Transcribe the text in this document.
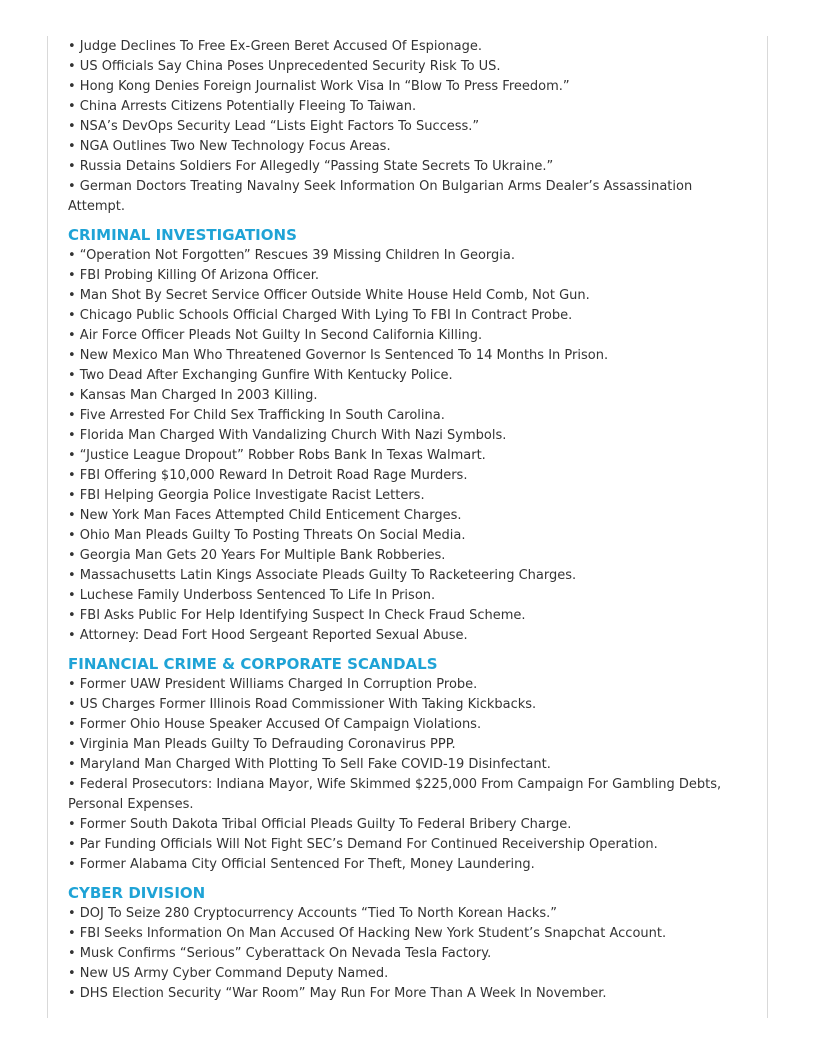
• Judge Declines To Free Ex-Green Beret Accused Of Espionage.
• US Officials Say China Poses Unprecedented Security Risk To US.
• Hong Kong Denies Foreign Journalist Work Visa In “Blow To Press Freedom.”
• China Arrests Citizens Potentially Fleeing To Taiwan.
• NSA’s DevOps Security Lead “Lists Eight Factors To Success.”
• NGA Outlines Two New Technology Focus Areas.
• Russia Detains Soldiers For Allegedly “Passing State Secrets To Ukraine.”
• German Doctors Treating Navalny Seek Information On Bulgarian Arms Dealer’s Assassination Attempt.
CRIMINAL INVESTIGATIONS
• “Operation Not Forgotten” Rescues 39 Missing Children In Georgia.
• FBI Probing Killing Of Arizona Officer.
• Man Shot By Secret Service Officer Outside White House Held Comb, Not Gun.
• Chicago Public Schools Official Charged With Lying To FBI In Contract Probe.
• Air Force Officer Pleads Not Guilty In Second California Killing.
• New Mexico Man Who Threatened Governor Is Sentenced To 14 Months In Prison.
• Two Dead After Exchanging Gunfire With Kentucky Police.
• Kansas Man Charged In 2003 Killing.
• Five Arrested For Child Sex Trafficking In South Carolina.
• Florida Man Charged With Vandalizing Church With Nazi Symbols.
• “Justice League Dropout” Robber Robs Bank In Texas Walmart.
• FBI Offering $10,000 Reward In Detroit Road Rage Murders.
• FBI Helping Georgia Police Investigate Racist Letters.
• New York Man Faces Attempted Child Enticement Charges.
• Ohio Man Pleads Guilty To Posting Threats On Social Media.
• Georgia Man Gets 20 Years For Multiple Bank Robberies.
• Massachusetts Latin Kings Associate Pleads Guilty To Racketeering Charges.
• Luchese Family Underboss Sentenced To Life In Prison.
• FBI Asks Public For Help Identifying Suspect In Check Fraud Scheme.
• Attorney: Dead Fort Hood Sergeant Reported Sexual Abuse.
FINANCIAL CRIME & CORPORATE SCANDALS
• Former UAW President Williams Charged In Corruption Probe.
• US Charges Former Illinois Road Commissioner With Taking Kickbacks.
• Former Ohio House Speaker Accused Of Campaign Violations.
• Virginia Man Pleads Guilty To Defrauding Coronavirus PPP.
• Maryland Man Charged With Plotting To Sell Fake COVID-19 Disinfectant.
• Federal Prosecutors: Indiana Mayor, Wife Skimmed $225,000 From Campaign For Gambling Debts, Personal Expenses.
• Former South Dakota Tribal Official Pleads Guilty To Federal Bribery Charge.
• Par Funding Officials Will Not Fight SEC’s Demand For Continued Receivership Operation.
• Former Alabama City Official Sentenced For Theft, Money Laundering.
CYBER DIVISION
• DOJ To Seize 280 Cryptocurrency Accounts “Tied To North Korean Hacks.”
• FBI Seeks Information On Man Accused Of Hacking New York Student’s Snapchat Account.
• Musk Confirms “Serious” Cyberattack On Nevada Tesla Factory.
• New US Army Cyber Command Deputy Named.
• DHS Election Security “War Room” May Run For More Than A Week In November.
